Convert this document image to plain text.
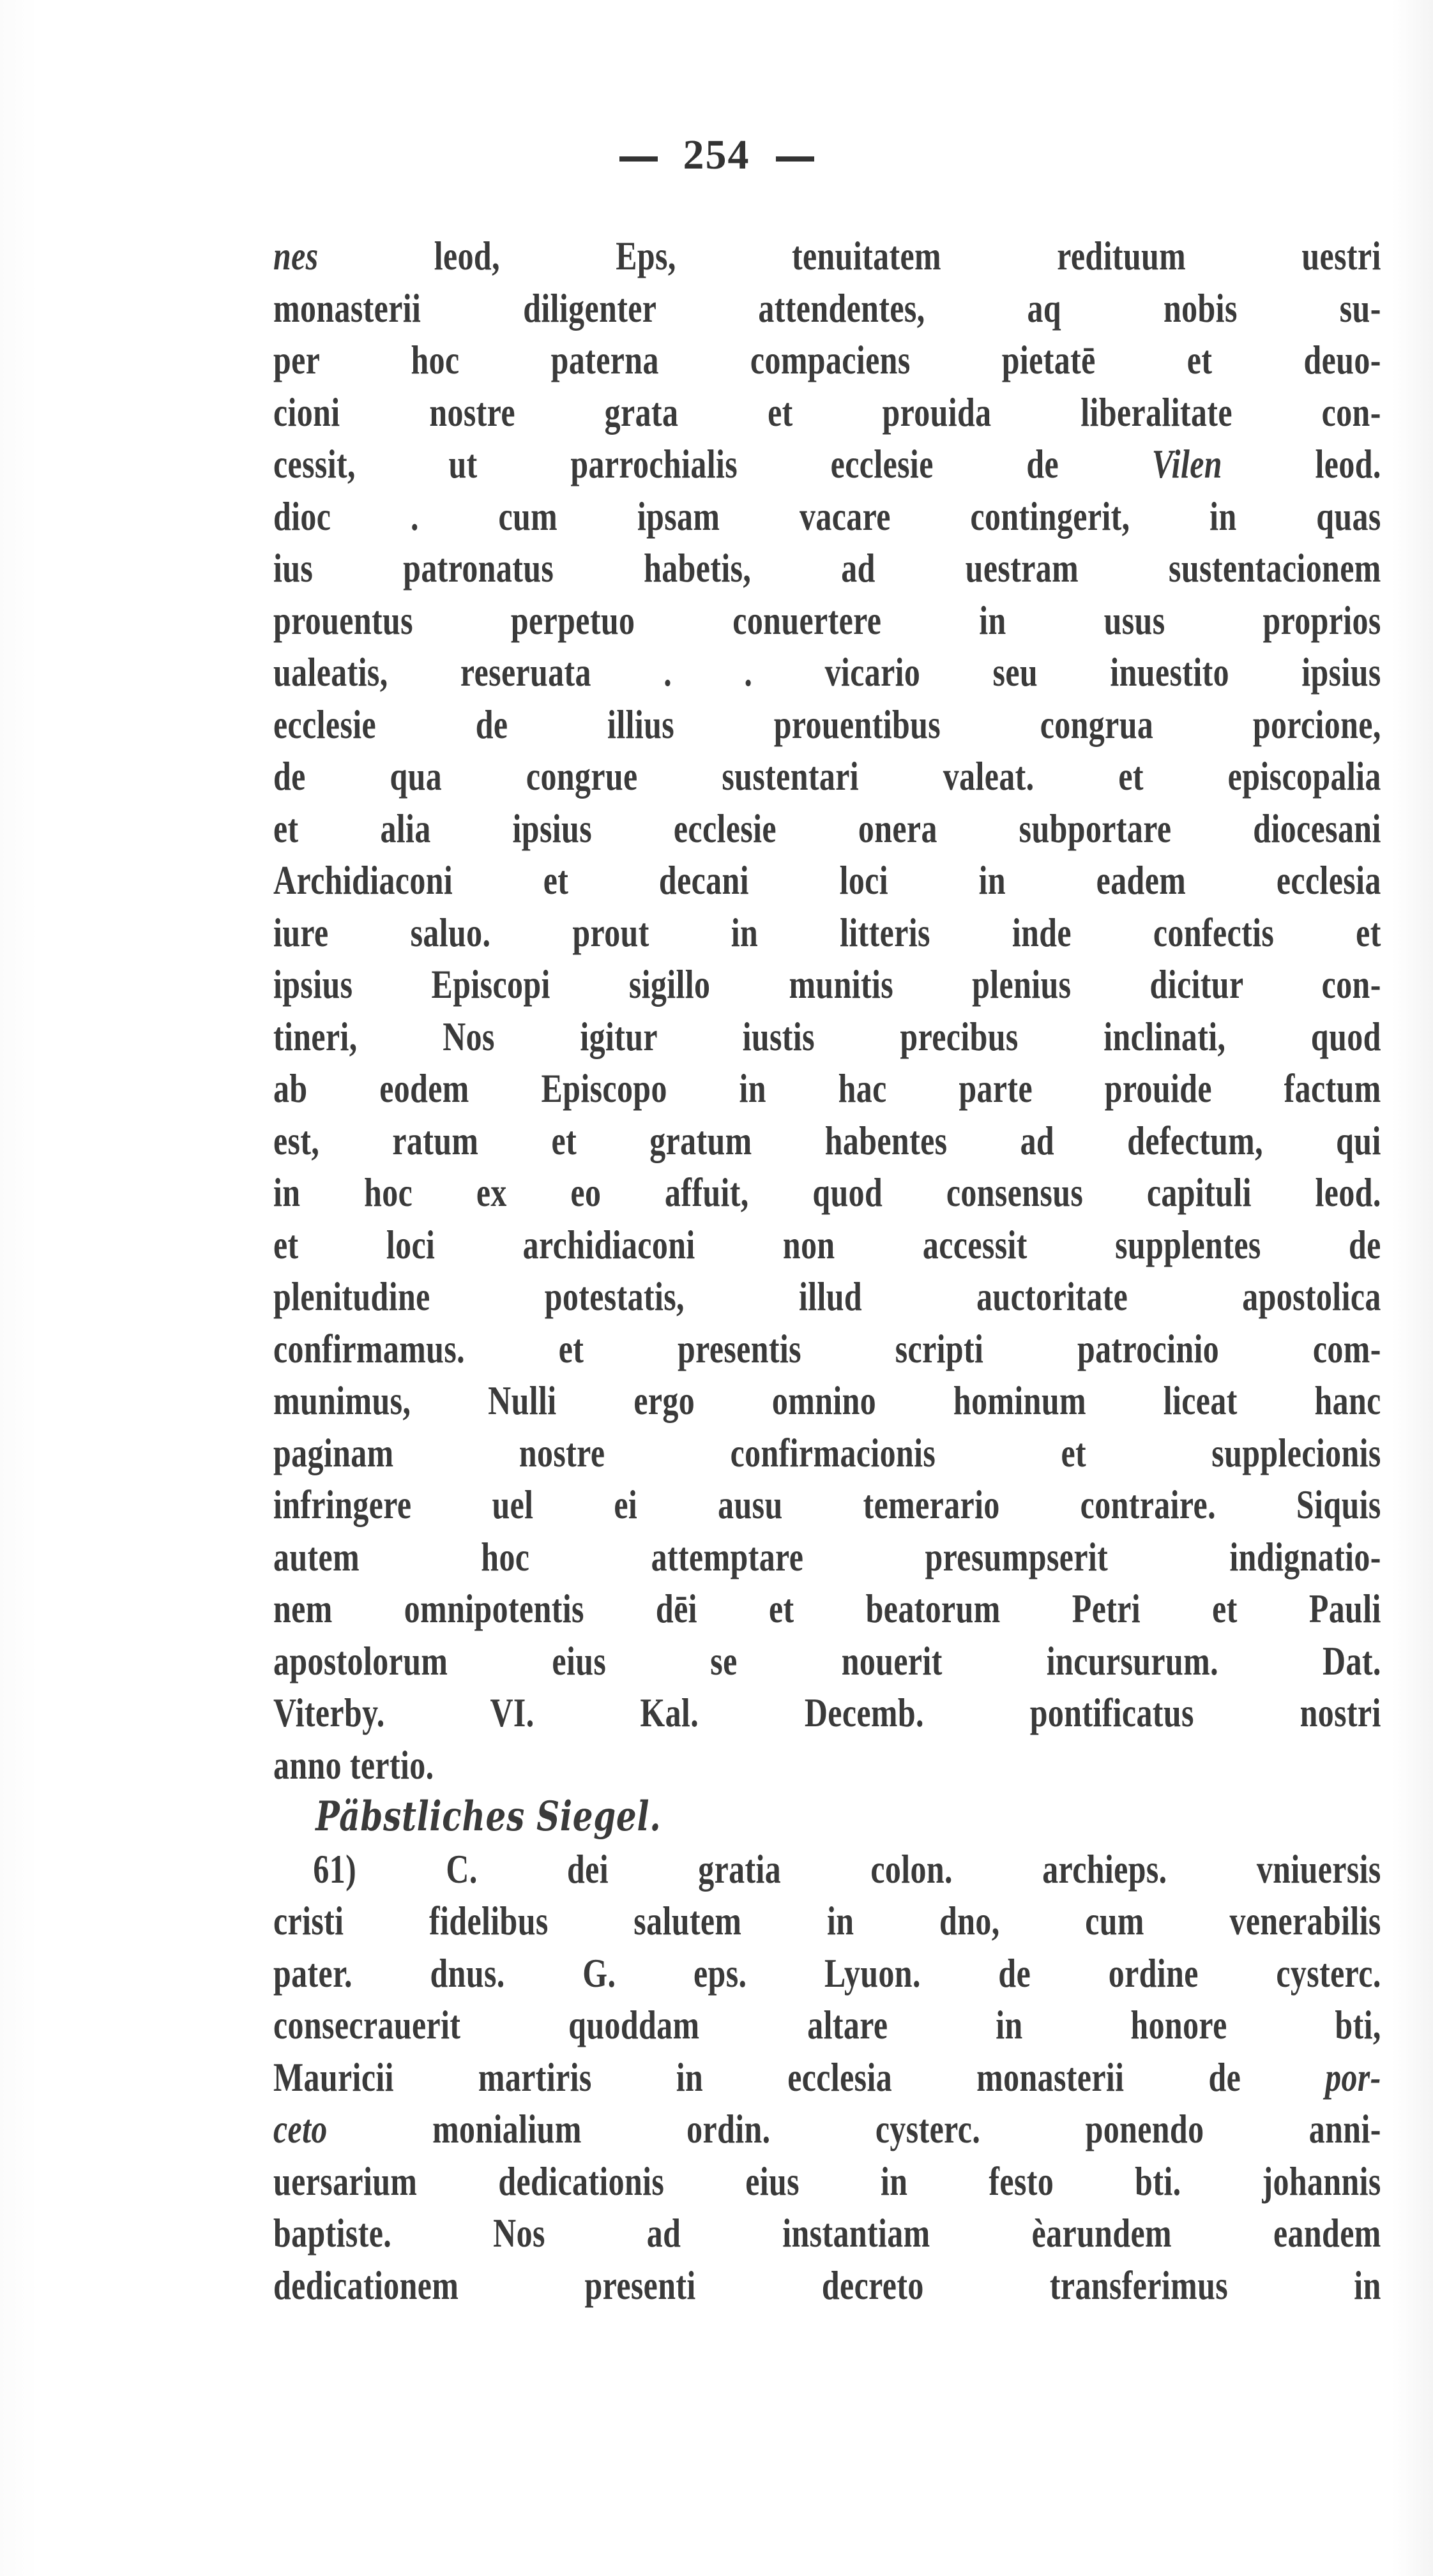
254
nes leod, Eps, tenuitatem redituum uestri
monasterii diligenter attendentes, aq nobis su-
per hoc paterna compaciens pietatē et deuo-
cioni nostre grata et prouida liberalitate con-
cessit, ut parrochialis ecclesie de Vilen leod.
dioc . cum ipsam vacare contingerit, in quas
ius patronatus habetis, ad uestram sustentacionem
prouentus perpetuo conuertere in usus proprios
ualeatis, reseruata . . vicario seu inuestito ipsius
ecclesie de illius prouentibus congrua porcione,
de qua congrue sustentari valeat. et episcopalia
et alia ipsius ecclesie onera subportare diocesani
Archidiaconi et decani loci in eadem ecclesia
iure saluo. prout in litteris inde confectis et
ipsius Episcopi sigillo munitis plenius dicitur con-
tineri, Nos igitur iustis precibus inclinati, quod
ab eodem Episcopo in hac parte prouide factum
est, ratum et gratum habentes ad defectum, qui
in hoc ex eo affuit, quod consensus capituli leod.
et loci archidiaconi non accessit supplentes de
plenitudine potestatis, illud auctoritate apostolica
confirmamus. et presentis scripti patrocinio com-
munimus, Nulli ergo omnino hominum liceat hanc
paginam nostre confirmacionis et supplecionis
infringere uel ei ausu temerario contraire. Siquis
autem hoc attemptare presumpserit indignatio-
nem omnipotentis dēi et beatorum Petri et Pauli
apostolorum eius se nouerit incursurum. Dat.
Viterby. VI. Kal. Decemb. pontificatus nostri
anno tertio.
Päbstliches Siegel.
61) C. dei gratia colon. archieps. vniuersis
cristi fidelibus salutem in dno, cum venerabilis
pater. dnus. G. eps. Lyuon. de ordine cysterc.
consecrauerit quoddam altare in honore bti,
Mauricii martiris in ecclesia monasterii de por-
ceto monialium ordin. cysterc. ponendo anni-
uersarium dedicationis eius in festo bti. johannis
baptiste. Nos ad instantiam èarundem eandem
dedicationem presenti decreto transferimus in
